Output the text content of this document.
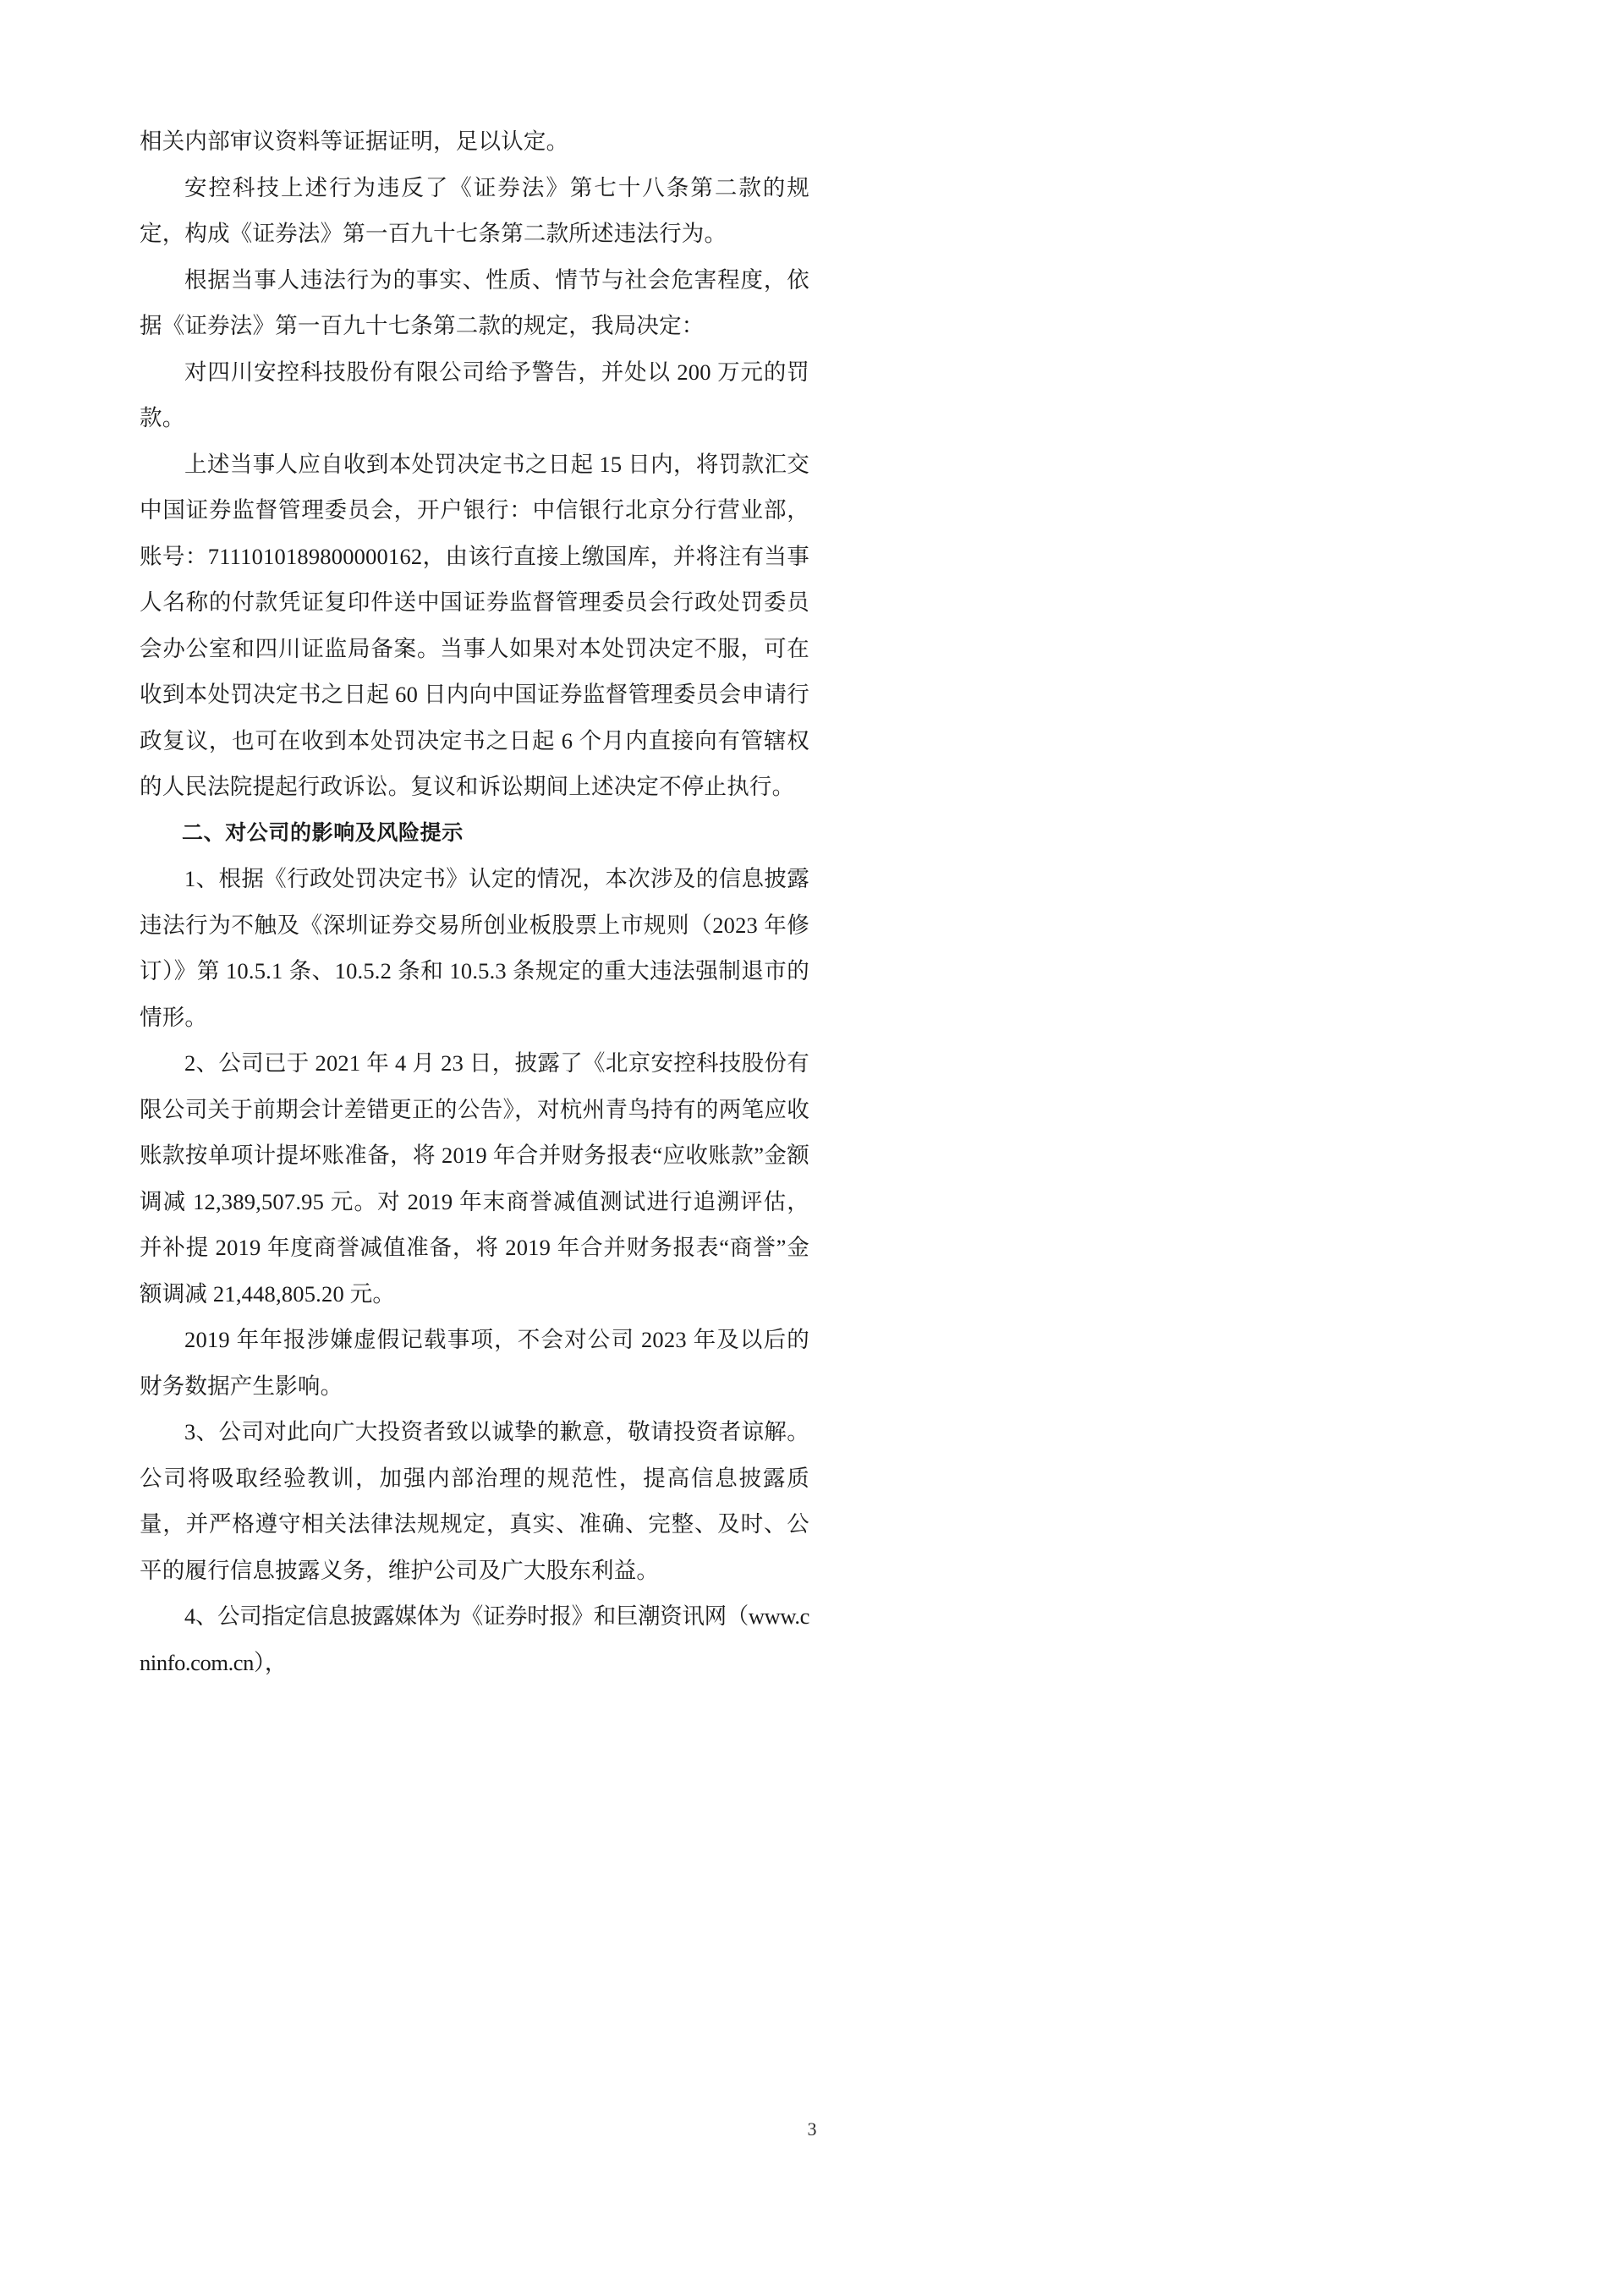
相关内部审议资料等证据证明，足以认定。

安控科技上述行为违反了《证券法》第七十八条第二款的规定，构成《证券法》第一百九十七条第二款所述违法行为。

根据当事人违法行为的事实、性质、情节与社会危害程度，依据《证券法》第一百九十七条第二款的规定，我局决定：

对四川安控科技股份有限公司给予警告，并处以 200 万元的罚款。

上述当事人应自收到本处罚决定书之日起 15 日内，将罚款汇交中国证券监督管理委员会，开户银行：中信银行北京分行营业部，账号：7111010189800000162，由该行直接上缴国库，并将注有当事人名称的付款凭证复印件送中国证券监督管理委员会行政处罚委员会办公室和四川证监局备案。当事人如果对本处罚决定不服，可在收到本处罚决定书之日起 60 日内向中国证券监督管理委员会申请行政复议，也可在收到本处罚决定书之日起 6 个月内直接向有管辖权的人民法院提起行政诉讼。复议和诉讼期间上述决定不停止执行。

二、对公司的影响及风险提示

1、根据《行政处罚决定书》认定的情况，本次涉及的信息披露违法行为不触及《深圳证券交易所创业板股票上市规则（2023 年修订）》第 10.5.1 条、10.5.2 条和 10.5.3 条规定的重大违法强制退市的情形。

2、公司已于 2021 年 4 月 23 日，披露了《北京安控科技股份有限公司关于前期会计差错更正的公告》，对杭州青鸟持有的两笔应收账款按单项计提坏账准备，将 2019 年合并财务报表“应收账款”金额调减 12,389,507.95 元。对 2019 年末商誉减值测试进行追溯评估，并补提 2019 年度商誉减值准备，将 2019 年合并财务报表“商誉”金额调减 21,448,805.20 元。

2019 年年报涉嫌虚假记载事项，不会对公司 2023 年及以后的财务数据产生影响。

3、公司对此向广大投资者致以诚挚的歉意，敬请投资者谅解。公司将吸取经验教训，加强内部治理的规范性，提高信息披露质量，并严格遵守相关法律法规规定，真实、准确、完整、及时、公平的履行信息披露义务，维护公司及广大股东利益。

4、公司指定信息披露媒体为《证券时报》和巨潮资讯网（www.cninfo.com.cn），

3
